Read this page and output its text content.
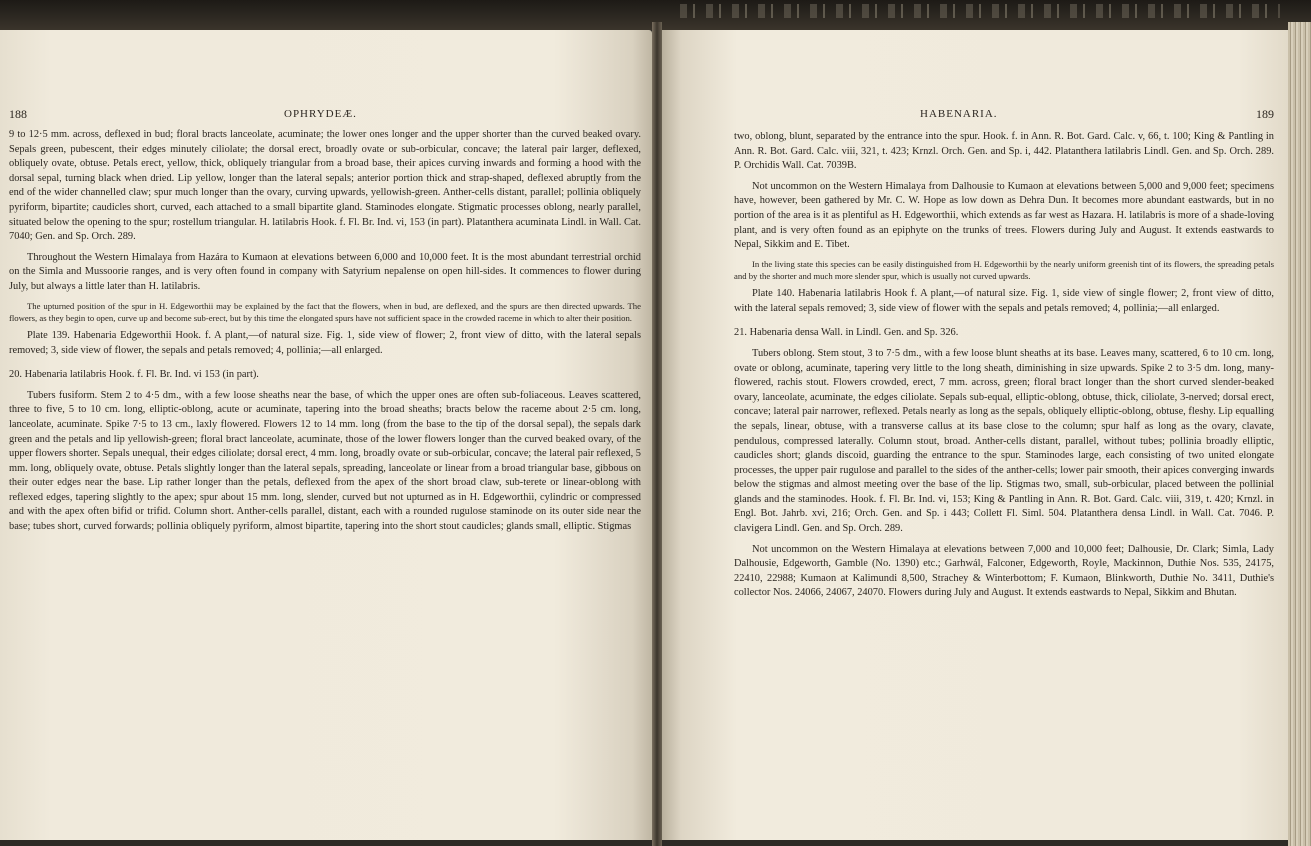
188	OPHRYDEÆ.

9 to 12·5 mm. across, deflexed in bud; floral bracts lanceolate, acuminate; the lower ones longer and the upper shorter than the curved beaked ovary. Sepals green, pubescent, their edges minutely ciliolate; the dorsal erect, broadly ovate or sub-orbicular, concave; the lateral pair larger, deflexed, obliquely ovate, obtuse. Petals erect, yellow, thick, obliquely triangular from a broad base, their apices curving inwards and forming a hood with the dorsal sepal, turning black when dried. Lip yellow, longer than the lateral sepals; anterior portion thick and strap-shaped, deflexed abruptly from the end of the wider channelled claw; spur much longer than the ovary, curving upwards, yellowish-green. Anther-cells distant, parallel; pollinia obliquely pyriform, bipartite; caudicles short, curved, each attached to a small bipartite gland. Staminodes elongate. Stigmatic processes oblong, nearly parallel, situated below the opening to the spur; rostellum triangular. H. latilabris Hook. f. Fl. Br. Ind. vi, 153 (in part). Platanthera acuminata Lindl. in Wall. Cat. 7040; Gen. and Sp. Orch. 289.

Throughout the Western Himalaya from Hazára to Kumaon at elevations between 6,000 and 10,000 feet. It is the most abundant terrestrial orchid on the Simla and Mussoorie ranges, and is very often found in company with Satyrium nepalense on open hill-sides. It commences to flower during July, but always a little later than H. latilabris.

The upturned position of the spur in H. Edgeworthii may be explained by the fact that the flowers, when in bud, are deflexed, and the spurs are then directed upwards. The flowers, as they begin to open, curve up and become sub-erect, but by this time the elongated spurs have not sufficient space in the crowded raceme in which to alter their position.

Plate 139. Habenaria Edgeworthii Hook. f. A plant,—of natural size. Fig. 1, side view of flower; 2, front view of ditto, with the lateral sepals removed; 3, side view of flower, the sepals and petals removed; 4, pollinia;—all enlarged.

20. Habenaria latilabris Hook. f. Fl. Br. Ind. vi 153 (in part).

Tubers fusiform. Stem 2 to 4·5 dm., with a few loose sheaths near the base, of which the upper ones are often sub-foliaceous. Leaves scattered, three to five, 5 to 10 cm. long, elliptic-oblong, acute or acuminate, tapering into the broad sheaths; bracts below the raceme about 2·5 cm. long, lanceolate, acuminate. Spike 7·5 to 13 cm., laxly flowered. Flowers 12 to 14 mm. long (from the base to the tip of the dorsal sepal), the sepals dark green and the petals and lip yellowish-green; floral bract lanceolate, acuminate, those of the lower flowers longer than the curved beaked ovary, of the upper flowers shorter. Sepals unequal, their edges ciliolate; dorsal erect, 4 mm. long, broadly ovate or sub-orbicular, concave; the lateral pair reflexed, 5 mm. long, obliquely ovate, obtuse. Petals slightly longer than the lateral sepals, spreading, lanceolate or linear from a broad triangular base, gibbous on their outer edges near the base. Lip rather longer than the petals, deflexed from the apex of the short broad claw, sub-terete or linear-oblong with reflexed edges, tapering slightly to the apex; spur about 15 mm. long, slender, curved but not upturned as in H. Edgeworthii, cylindric or compressed and with the apex often bifid or trifid. Column short. Anther-cells parallel, distant, each with a rounded rugulose staminode on its outer side near the base; tubes short, curved forwards; pollinia obliquely pyriform, almost bipartite, tapering into the short stout caudicles; glands small, elliptic. Stigmas

HABENARIA.	189

two, oblong, blunt, separated by the entrance into the spur. Hook. f. in Ann. R. Bot. Gard. Calc. v, 66, t. 100; King & Pantling in Ann. R. Bot. Gard. Calc. viii, 321, t. 423; Krnzl. Orch. Gen. and Sp. i, 442. Platanthera latilabris Lindl. Gen. and Sp. Orch. 289. P. Orchidis Wall. Cat. 7039B.

Not uncommon on the Western Himalaya from Dalhousie to Kumaon at elevations between 5,000 and 9,000 feet; specimens have, however, been gathered by Mr. C. W. Hope as low down as Dehra Dun. It becomes more abundant eastwards, but in no portion of the area is it as plentiful as H. Edgeworthii, which extends as far west as Hazara. H. latilabris is more of a shade-loving plant, and is very often found as an epiphyte on the trunks of trees. Flowers during July and August. It extends eastwards to Nepal, Sikkim and E. Tibet.

In the living state this species can be easily distinguished from H. Edgeworthii by the nearly uniform greenish tint of its flowers, the spreading petals and by the shorter and much more slender spur, which is usually not curved upwards.

Plate 140. Habenaria latilabris Hook f. A plant,—of natural size. Fig. 1, side view of single flower; 2, front view of ditto, with the lateral sepals removed; 3, side view of flower with the sepals and petals removed; 4, pollinia;—all enlarged.

21. Habenaria densa Wall. in Lindl. Gen. and Sp. 326.

Tubers oblong. Stem stout, 3 to 7·5 dm., with a few loose blunt sheaths at its base. Leaves many, scattered, 6 to 10 cm. long, ovate or oblong, acuminate, tapering very little to the long sheath, diminishing in size upwards. Spike 2 to 3·5 dm. long, many-flowered, rachis stout. Flowers crowded, erect, 7 mm. across, green; floral bract longer than the short curved slender-beaked ovary, lanceolate, acuminate, the edges ciliolate. Sepals sub-equal, elliptic-oblong, obtuse, thick, ciliolate, 3-nerved; dorsal erect, concave; lateral pair narrower, reflexed. Petals nearly as long as the sepals, obliquely elliptic-oblong, obtuse, fleshy. Lip equalling the sepals, linear, obtuse, with a transverse callus at its base close to the column; spur half as long as the ovary, clavate, pendulous, compressed laterally. Column stout, broad. Anther-cells distant, parallel, without tubes; pollinia broadly elliptic, caudicles short; glands discoid, guarding the entrance to the spur. Staminodes large, each consisting of two united elongate processes, the upper pair rugulose and parallel to the sides of the anther-cells; lower pair smooth, their apices converging inwards below the stigmas and almost meeting over the base of the lip. Stigmas two, small, sub-orbicular, placed between the pollinial glands and the staminodes. Hook. f. Fl. Br. Ind. vi, 153; King & Pantling in Ann. R. Bot. Gard. Calc. viii, 319, t. 420; Krnzl. in Engl. Bot. Jahrb. xvi, 216; Orch. Gen. and Sp. i 443; Collett Fl. Siml. 504. Platanthera densa Lindl. in Wall. Cat. 7046. P. clavigera Lindl. Gen. and Sp. Orch. 289.

Not uncommon on the Western Himalaya at elevations between 7,000 and 10,000 feet; Dalhousie, Dr. Clark; Simla, Lady Dalhousie, Edgeworth, Gamble (No. 1390) etc.; Garhwál, Falconer, Edgeworth, Royle, Mackinnon, Duthie Nos. 535, 24175, 22410, 22988; Kumaon at Kalimundi 8,500, Strachey & Winterbottom; F. Kumaon, Blinkworth, Duthie No. 3411, Duthie's collector Nos. 24066, 24067, 24070. Flowers during July and August. It extends eastwards to Nepal, Sikkim and Bhutan.
